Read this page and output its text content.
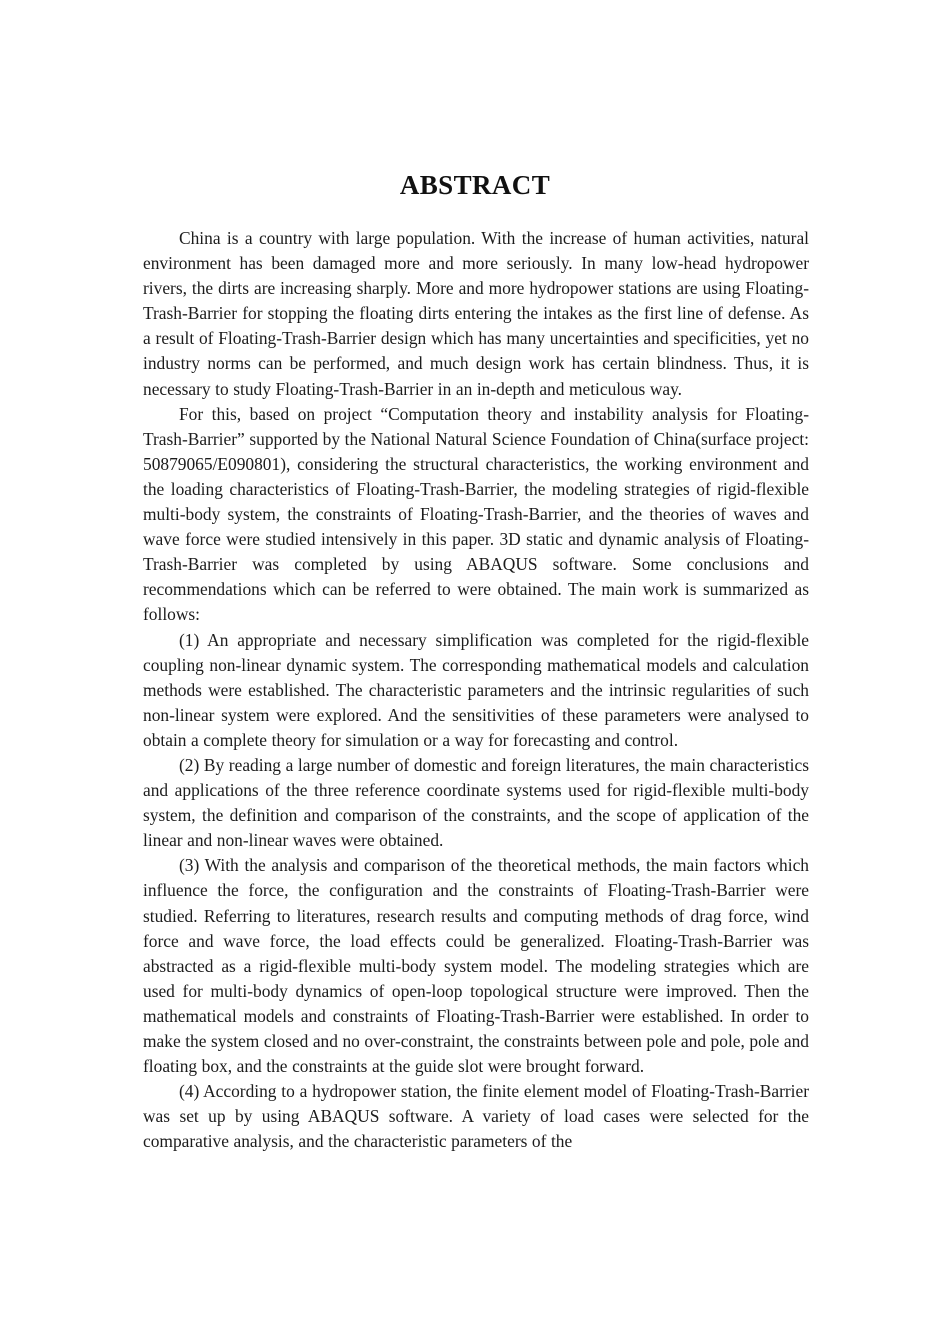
ABSTRACT

China is a country with large population. With the increase of human activities, natural environment has been damaged more and more seriously. In many low-head hydropower rivers, the dirts are increasing sharply. More and more hydropower stations are using Floating-Trash-Barrier for stopping the floating dirts entering the intakes as the first line of defense. As a result of Floating-Trash-Barrier design which has many uncertainties and specificities, yet no industry norms can be performed, and much design work has certain blindness. Thus, it is necessary to study Floating-Trash-Barrier in an in-depth and meticulous way.

For this, based on project “Computation theory and instability analysis for Floating-Trash-Barrier” supported by the National Natural Science Foundation of China(surface project: 50879065/E090801), considering the structural characteristics, the working environment and the loading characteristics of Floating-Trash-Barrier, the modeling strategies of rigid-flexible multi-body system, the constraints of Floating-Trash-Barrier, and the theories of waves and wave force were studied intensively in this paper. 3D static and dynamic analysis of Floating-Trash-Barrier was completed by using ABAQUS software. Some conclusions and recommendations which can be referred to were obtained. The main work is summarized as follows:

(1) An appropriate and necessary simplification was completed for the rigid-flexible coupling non-linear dynamic system. The corresponding mathematical models and calculation methods were established. The characteristic parameters and the intrinsic regularities of such non-linear system were explored. And the sensitivities of these parameters were analysed to obtain a complete theory for simulation or a way for forecasting and control.

(2) By reading a large number of domestic and foreign literatures, the main characteristics and applications of the three reference coordinate systems used for rigid-flexible multi-body system, the definition and comparison of the constraints, and the scope of application of the linear and non-linear waves were obtained.

(3) With the analysis and comparison of the theoretical methods, the main factors which influence the force, the configuration and the constraints of Floating-Trash-Barrier were studied. Referring to literatures, research results and computing methods of drag force, wind force and wave force, the load effects could be generalized. Floating-Trash-Barrier was abstracted as a rigid-flexible multi-body system model. The modeling strategies which are used for multi-body dynamics of open-loop topological structure were improved. Then the mathematical models and constraints of Floating-Trash-Barrier were established. In order to make the system closed and no over-constraint, the constraints between pole and pole, pole and floating box, and the constraints at the guide slot were brought forward.

(4) According to a hydropower station, the finite element model of Floating-Trash-Barrier was set up by using ABAQUS software. A variety of load cases were selected for the comparative analysis, and the characteristic parameters of the
